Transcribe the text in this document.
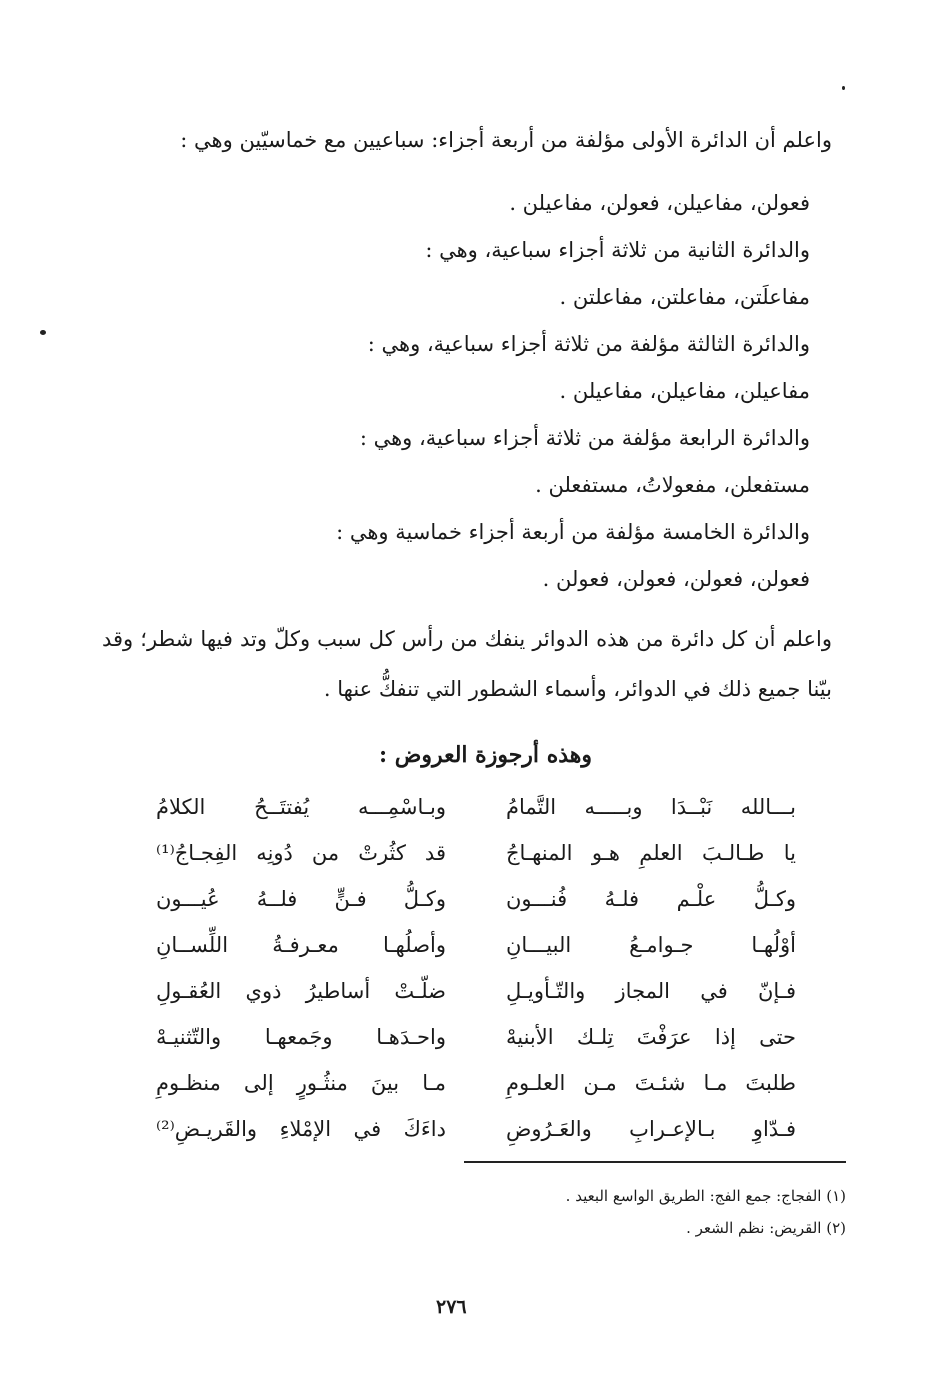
واعلم أن الدائرة الأولى مؤلفة من أربعة أجزاء: سباعيين مع خماسيّين وهي :
فعولن، مفاعيلن، فعولن، مفاعيلن .
والدائرة الثانية من ثلاثة أجزاء سباعية، وهي :
مفاعلَتن، مفاعلتن، مفاعلتن .
والدائرة الثالثة مؤلفة من ثلاثة أجزاء سباعية، وهي :
مفاعيلن، مفاعيلن، مفاعيلن .
والدائرة الرابعة مؤلفة من ثلاثة أجزاء سباعية، وهي :
مستفعلن، مفعولاتُ، مستفعلن .
والدائرة الخامسة مؤلفة من أربعة أجزاء خماسية وهي :
فعولن، فعولن، فعولن، فعولن .
واعلم أن كل دائرة من هذه الدوائر ينفك من رأس كل سبب وكلّ وتد فيها شطر؛ وقد بيّنا جميع ذلك في الدوائر، وأسماء الشطور التي تنفكُّ عنها .
وهذه أرجوزة العروض :
بـــالله نَبْــدَا وبـــــه التَّمامُ
وبـاسْمِـــه يُفتتَــحُ الكلامُ
يا طـالـبَ العلمِ هـو المنهـاجُ
قد كثُرتْ من دُونِه الفِجـاجُ⁽¹⁾
وكـلُّ علْـم فلـهُ فُنـــون
وكـلُّ فـنٍّ فلــهُ عُيـــون
أوْلُهـا جـوامـعُ البيـــانِ
وأصلُهـا معـرفـةُ اللِّســانِ
فـإنّ في المجاز والتّـأويـلِ
ضلّـتْ أساطيرُ ذوي العُقـولِ
حتى إذا عرَفْتَ تِلـك الأبنيهْ
واحـدَهـا وجَمعهـا والتّثنيـهْ
طلبتَ مـا شئـتَ مـن العلـومِ
مـا بينَ منثُـورٍ إلى منظـومِ
فـدّاوِ بـالإعـرابِ والعَـرُوضِ
داءَكَ في الإمْلاءِ والقَريـضِ⁽²⁾
(١) الفجاج: جمع الفج: الطريق الواسع البعيد .
(٢) القريض: نظم الشعر .
٢٧٦
